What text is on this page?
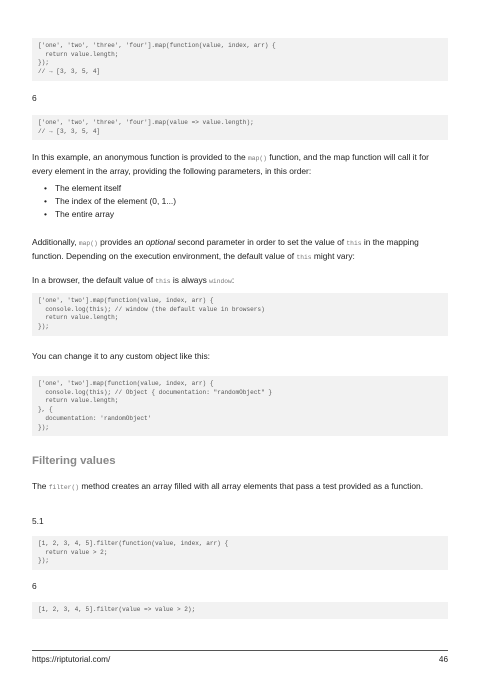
['one', 'two', 'three', 'four'].map(function(value, index, arr) {
return value.length;
});
// → [3, 3, 5, 4]
6
['one', 'two', 'three', 'four'].map(value => value.length);
// → [3, 3, 5, 4]

In this example, an anonymous function is provided to the map() function, and the map function will call it for every element in the array, providing the following parameters, in this order:

• The element itself
• The index of the element (0, 1...)
• The entire array

Additionally, map() provides an optional second parameter in order to set the value of this in the mapping function. Depending on the execution environment, the default value of this might vary:

In a browser, the default value of this is always window:

['one', 'two'].map(function(value, index, arr) {
console.log(this); // window (the default value in browsers)
return value.length;
});

You can change it to any custom object like this:

['one', 'two'].map(function(value, index, arr) {
console.log(this); // Object { documentation: "randomObject" }
return value.length;
}, {
documentation: 'randomObject'
});
Filtering values

The filter() method creates an array filled with all array elements that pass a test provided as a function.

5.1
[1, 2, 3, 4, 5].filter(function(value, index, arr) {
return value > 2;
});
6
[1, 2, 3, 4, 5].filter(value => value > 2);
https://riptutorial.com/	46
